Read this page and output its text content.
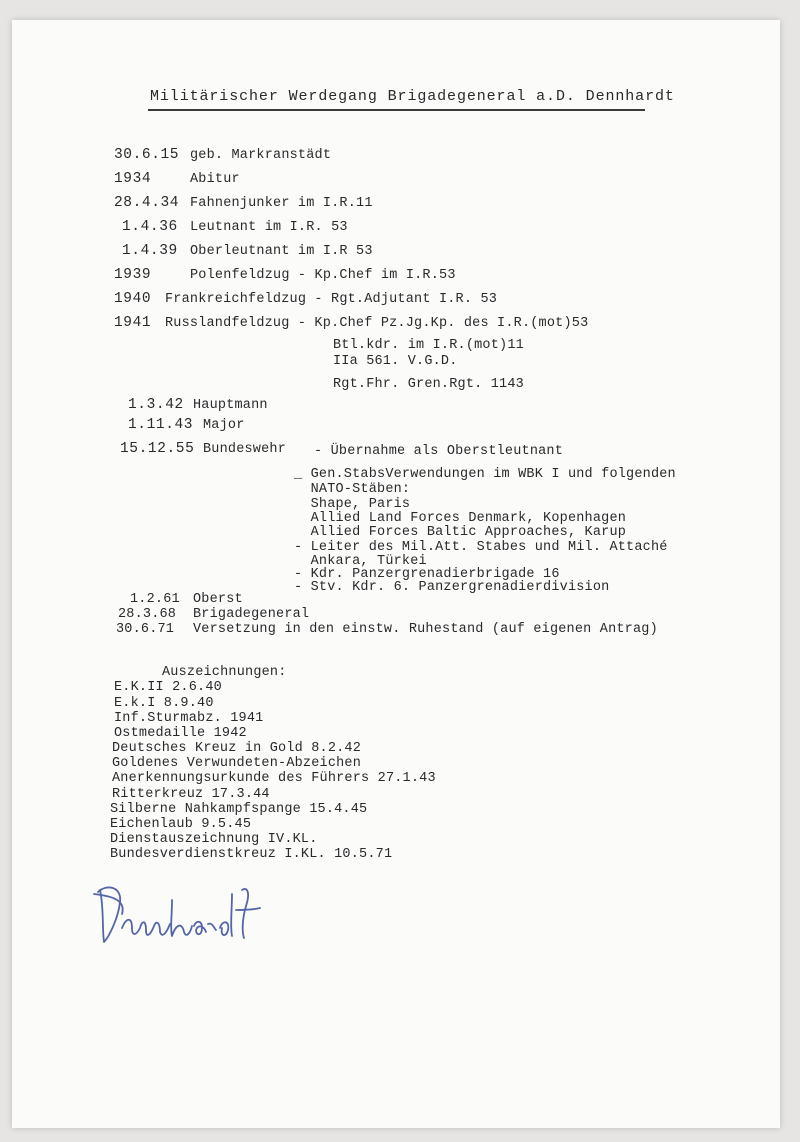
Militärischer Werdegang Brigadegeneral a.D. Dennhardt
30.6.15 geb. Markranstädt
1934	Abitur
28.4.34 Fahnenjunker im I.R.11
1.4.36 Leutnant im I.R. 53
1.4.39 Oberleutnant im I.R 53
1939	Polenfeldzug - Kp.Chef im I.R.53
1940 Frankreichfeldzug - Rgt.Adjutant I.R. 53
1941 Russlandfeldzug - Kp.Chef Pz.Jg.Kp. des I.R.(mot)53
Btl.kdr. im I.R.(mot)11
IIa 561. V.G.D.
Rgt.Fhr. Gren.Rgt. 1143
1.3.42 Hauptmann
1.11.43 Major
15.12.55 Bundeswehr - Übernahme als Oberstleutnant
_ Gen.StabsVerwendungen im WBK I und folgenden
NATO-Stäben:
Shape, Paris
Allied Land Forces Denmark, Kopenhagen
Allied Forces Baltic Approaches, Karup
- Leiter des Mil.Att. Stabes und Mil. Attaché
Ankara, Türkei
- Kdr. Panzergrenadierbrigade 16
- Stv. Kdr. 6. Panzergrenadierdivision
1.2.61 Oberst
28.3.68 Brigadegeneral
30.6.71 Versetzung in den einstw. Ruhestand (auf eigenen Antrag)
Auszeichnungen:
E.K.II 2.6.40
E.k.I 8.9.40
Inf.Sturmabz. 1941
Ostmedaille 1942
Deutsches Kreuz in Gold 8.2.42
Goldenes Verwundeten-Abzeichen
Anerkennungsurkunde des Führers 27.1.43
Ritterkreuz 17.3.44
Silberne Nahkampfspange 15.4.45
Eichenlaub 9.5.45
Dienstauszeichnung IV.KL.
Bundesverdienstkreuz I.KL. 10.5.71
